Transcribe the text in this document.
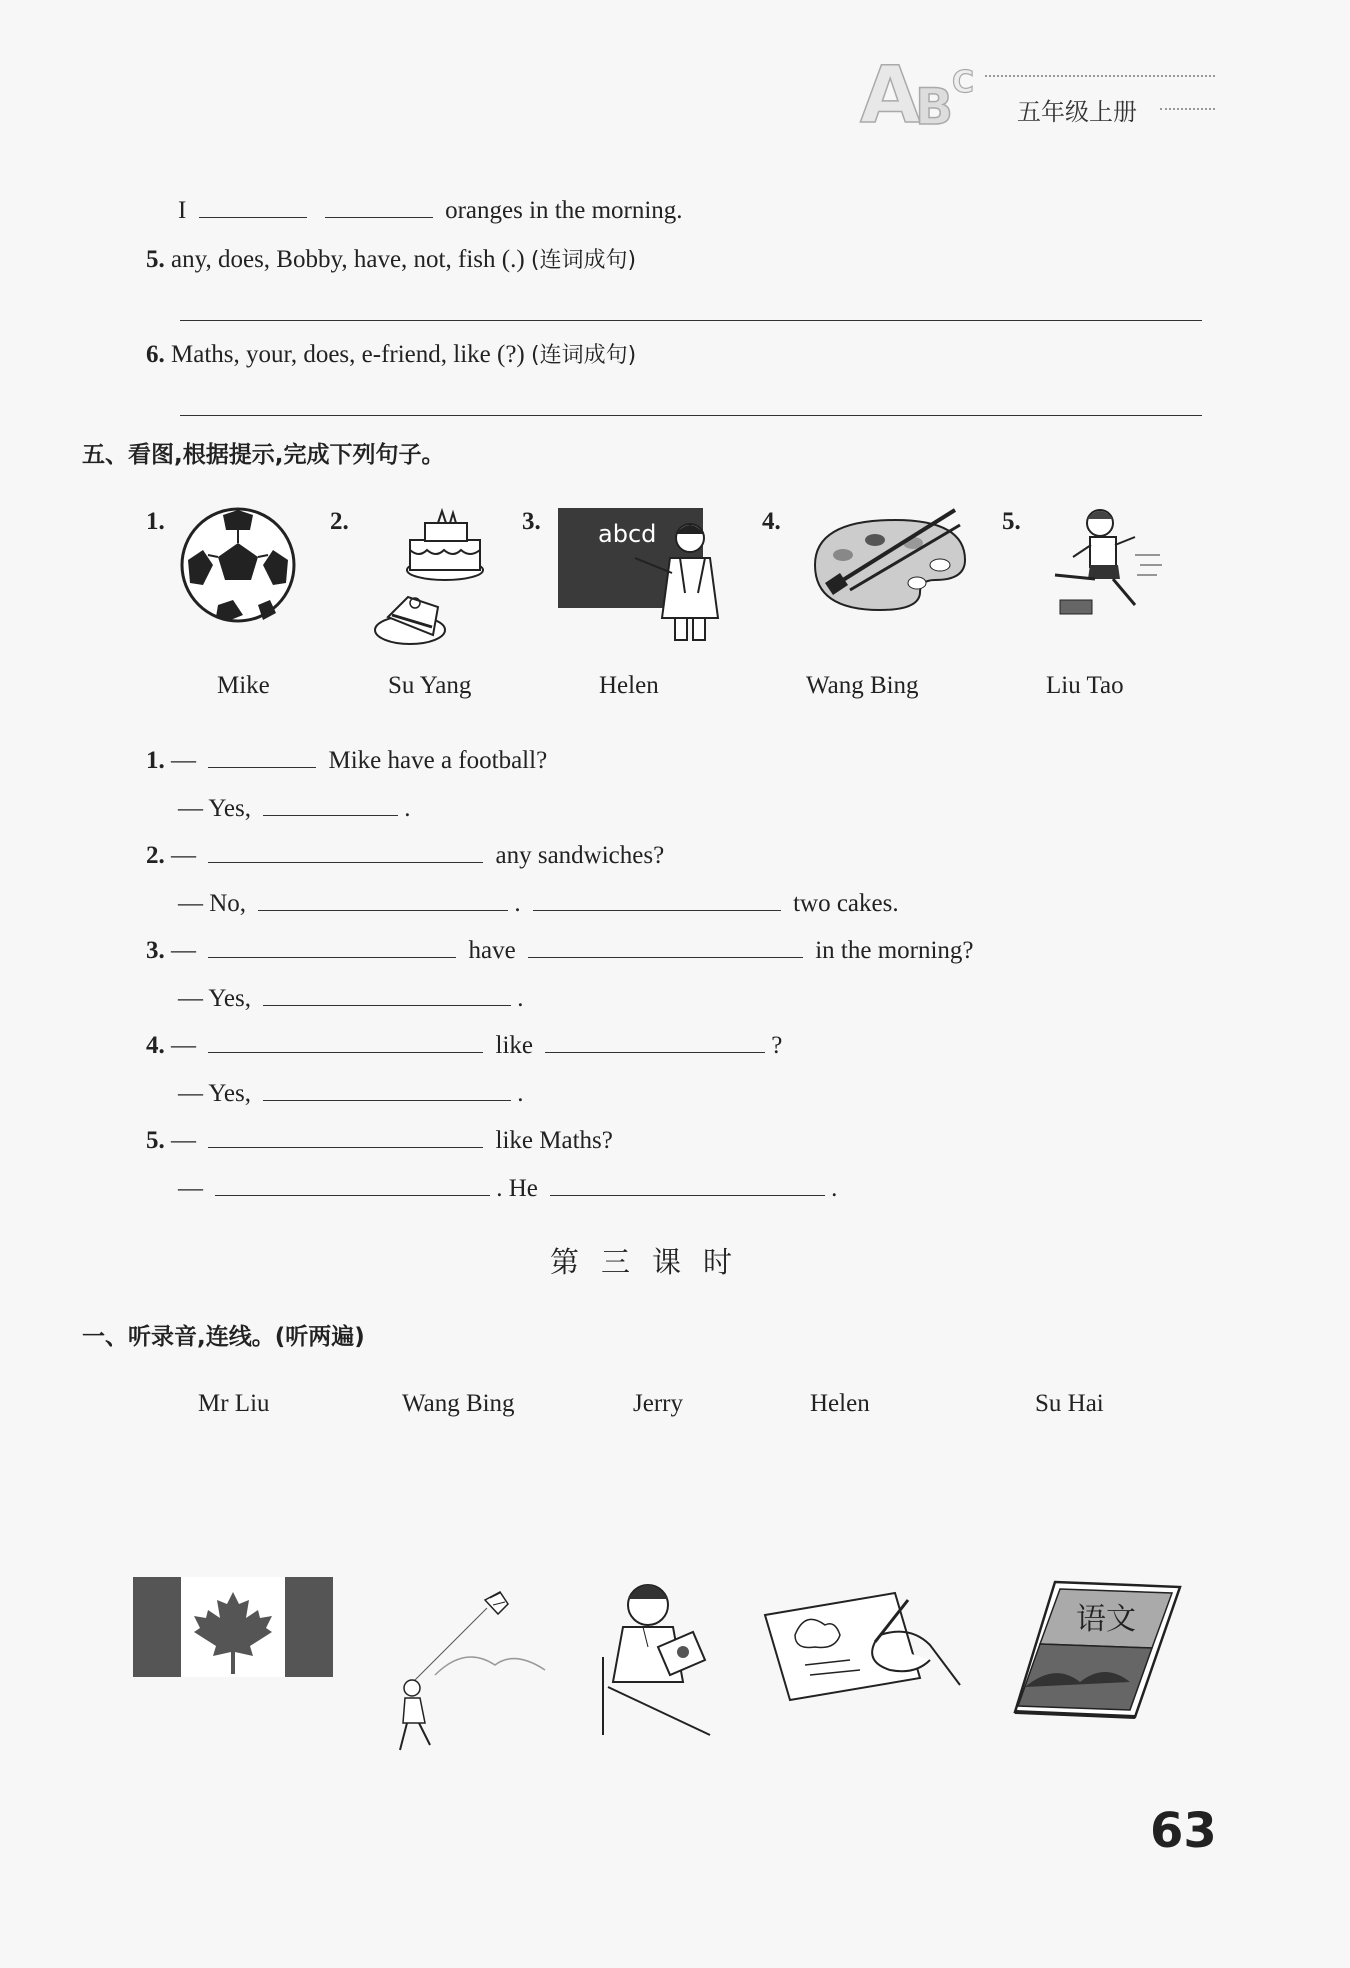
A
B
C
五年级上册
I	oranges in the morning.
5. any, does, Bobby, have, not, fish (.) (连词成句)
6. Maths, your, does, e-friend, like (?) (连词成句)
五、看图,根据提示,完成下列句子。
1.	2.	3.	4.	5.
abcd
Mike	Su Yang	Helen	Wang Bing	Liu Tao
1. —	Mike have a football?
— Yes,	.
2. —	any sandwiches?
— No,	.	two cakes.
3. —	have	in the morning?
— Yes,	.
4. —	like	?
— Yes,	.
5. —	like Maths?
—	. He	.
第三课时
一、听录音,连线。(听两遍)
Mr Liu	Wang Bing	Jerry	Helen	Su Hai
语文
63
